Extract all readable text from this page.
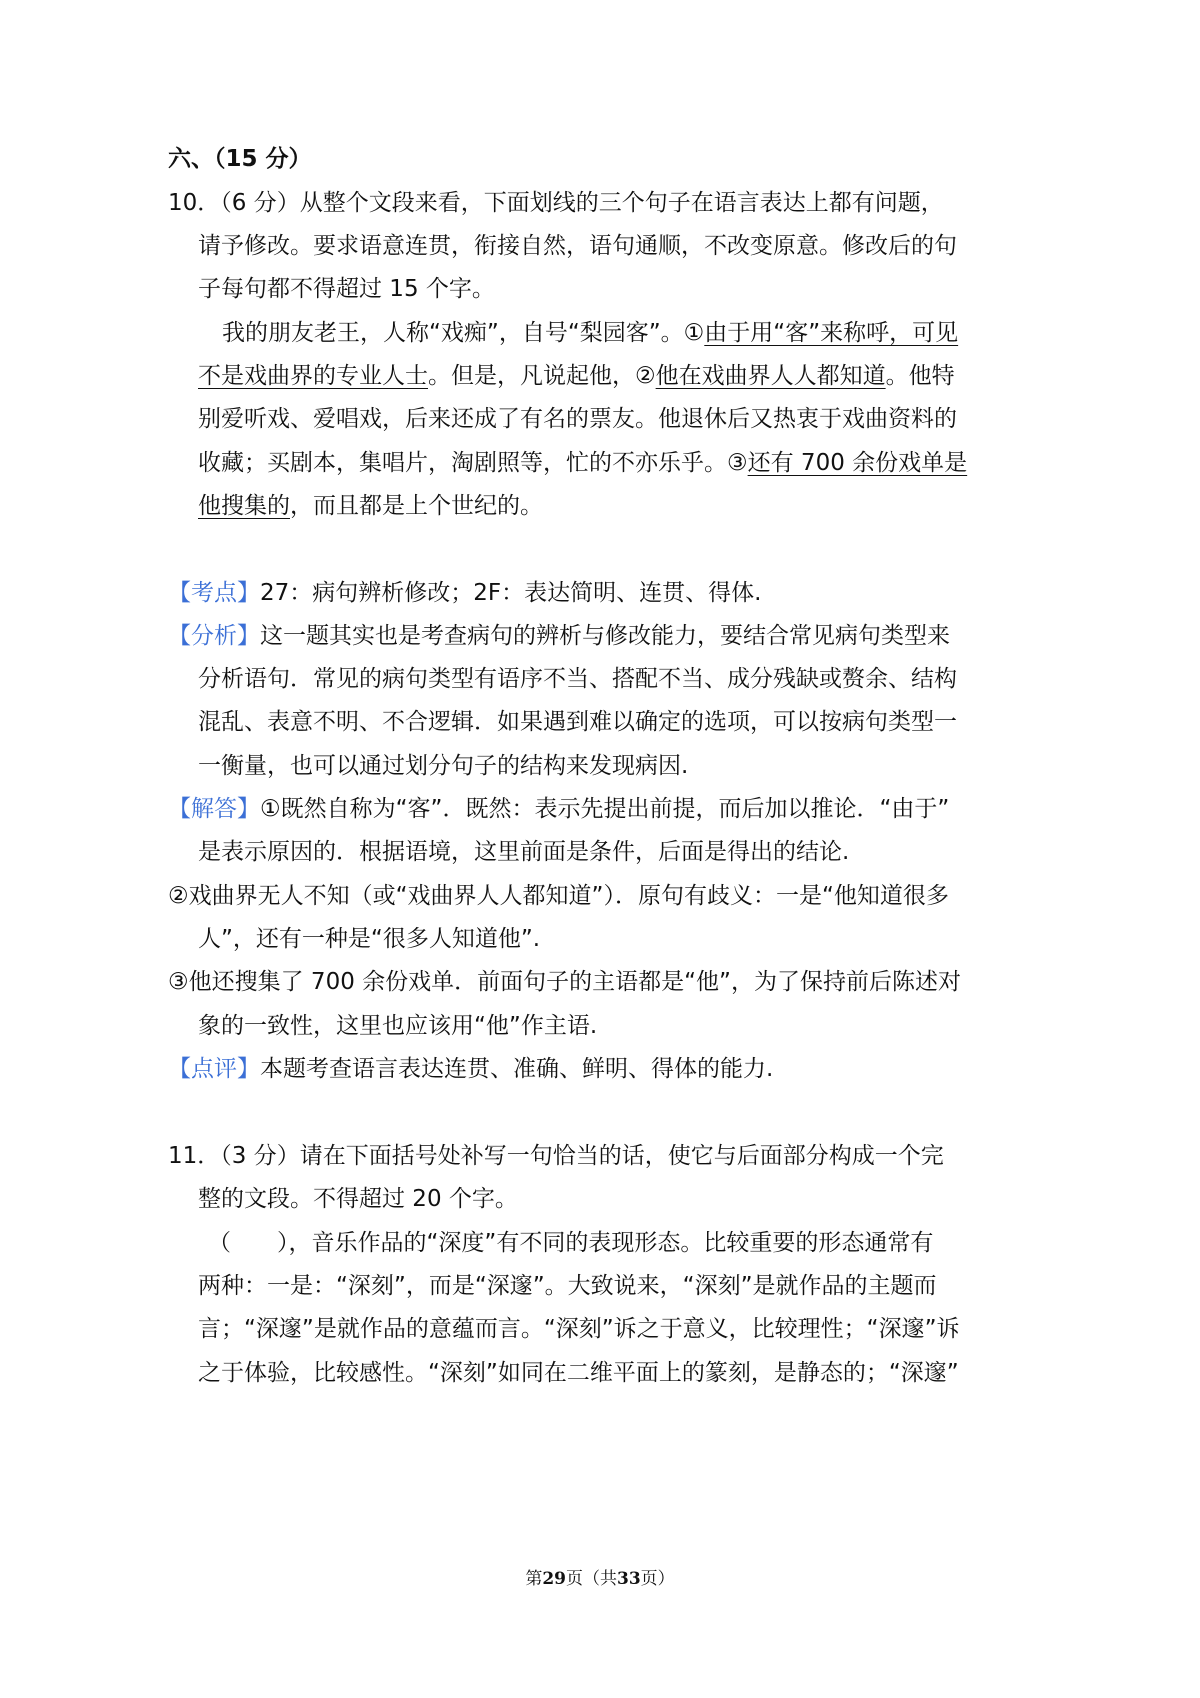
六、（15 分）
10．（6 分）从整个文段来看，下面划线的三个句子在语言表达上都有问题，
请予修改。要求语意连贯，衔接自然，语句通顺，不改变原意。修改后的句
子每句都不得超过 15 个字。
我的朋友老王，人称“戏痴”，自号“梨园客”。①由于用“客”来称呼，可见
不是戏曲界的专业人士。但是，凡说起他，②他在戏曲界人人都知道。他特
别爱听戏、爱唱戏，后来还成了有名的票友。他退休后又热衷于戏曲资料的
收藏；买剧本，集唱片，淘剧照等，忙的不亦乐乎。③还有 700 余份戏单是
他搜集的，而且都是上个世纪的。
【考点】27：病句辨析修改；2F：表达简明、连贯、得体.
【分析】这一题其实也是考查病句的辨析与修改能力，要结合常见病句类型来
分析语句．常见的病句类型有语序不当、搭配不当、成分残缺或赘余、结构
混乱、表意不明、不合逻辑．如果遇到难以确定的选项，可以按病句类型一
一衡量，也可以通过划分句子的结构来发现病因.
【解答】①既然自称为“客”．既然：表示先提出前提，而后加以推论．“由于”
是表示原因的．根据语境，这里前面是条件，后面是得出的结论.
②戏曲界无人不知（或“戏曲界人人都知道”）．原句有歧义：一是“他知道很多
人”，还有一种是“很多人知道他”.
③他还搜集了 700 余份戏单．前面句子的主语都是“他”，为了保持前后陈述对
象的一致性，这里也应该用“他”作主语.
【点评】本题考查语言表达连贯、准确、鲜明、得体的能力.
11．（3 分）请在下面括号处补写一句恰当的话，使它与后面部分构成一个完
整的文段。不得超过 20 个字。
（　　），音乐作品的“深度”有不同的表现形态。比较重要的形态通常有
两种：一是：“深刻”，而是“深邃”。大致说来，“深刻”是就作品的主题而
言；“深邃”是就作品的意蕴而言。“深刻”诉之于意义，比较理性；“深邃”诉
之于体验，比较感性。“深刻”如同在二维平面上的篆刻，是静态的；“深邃”
第29页（共33页）
